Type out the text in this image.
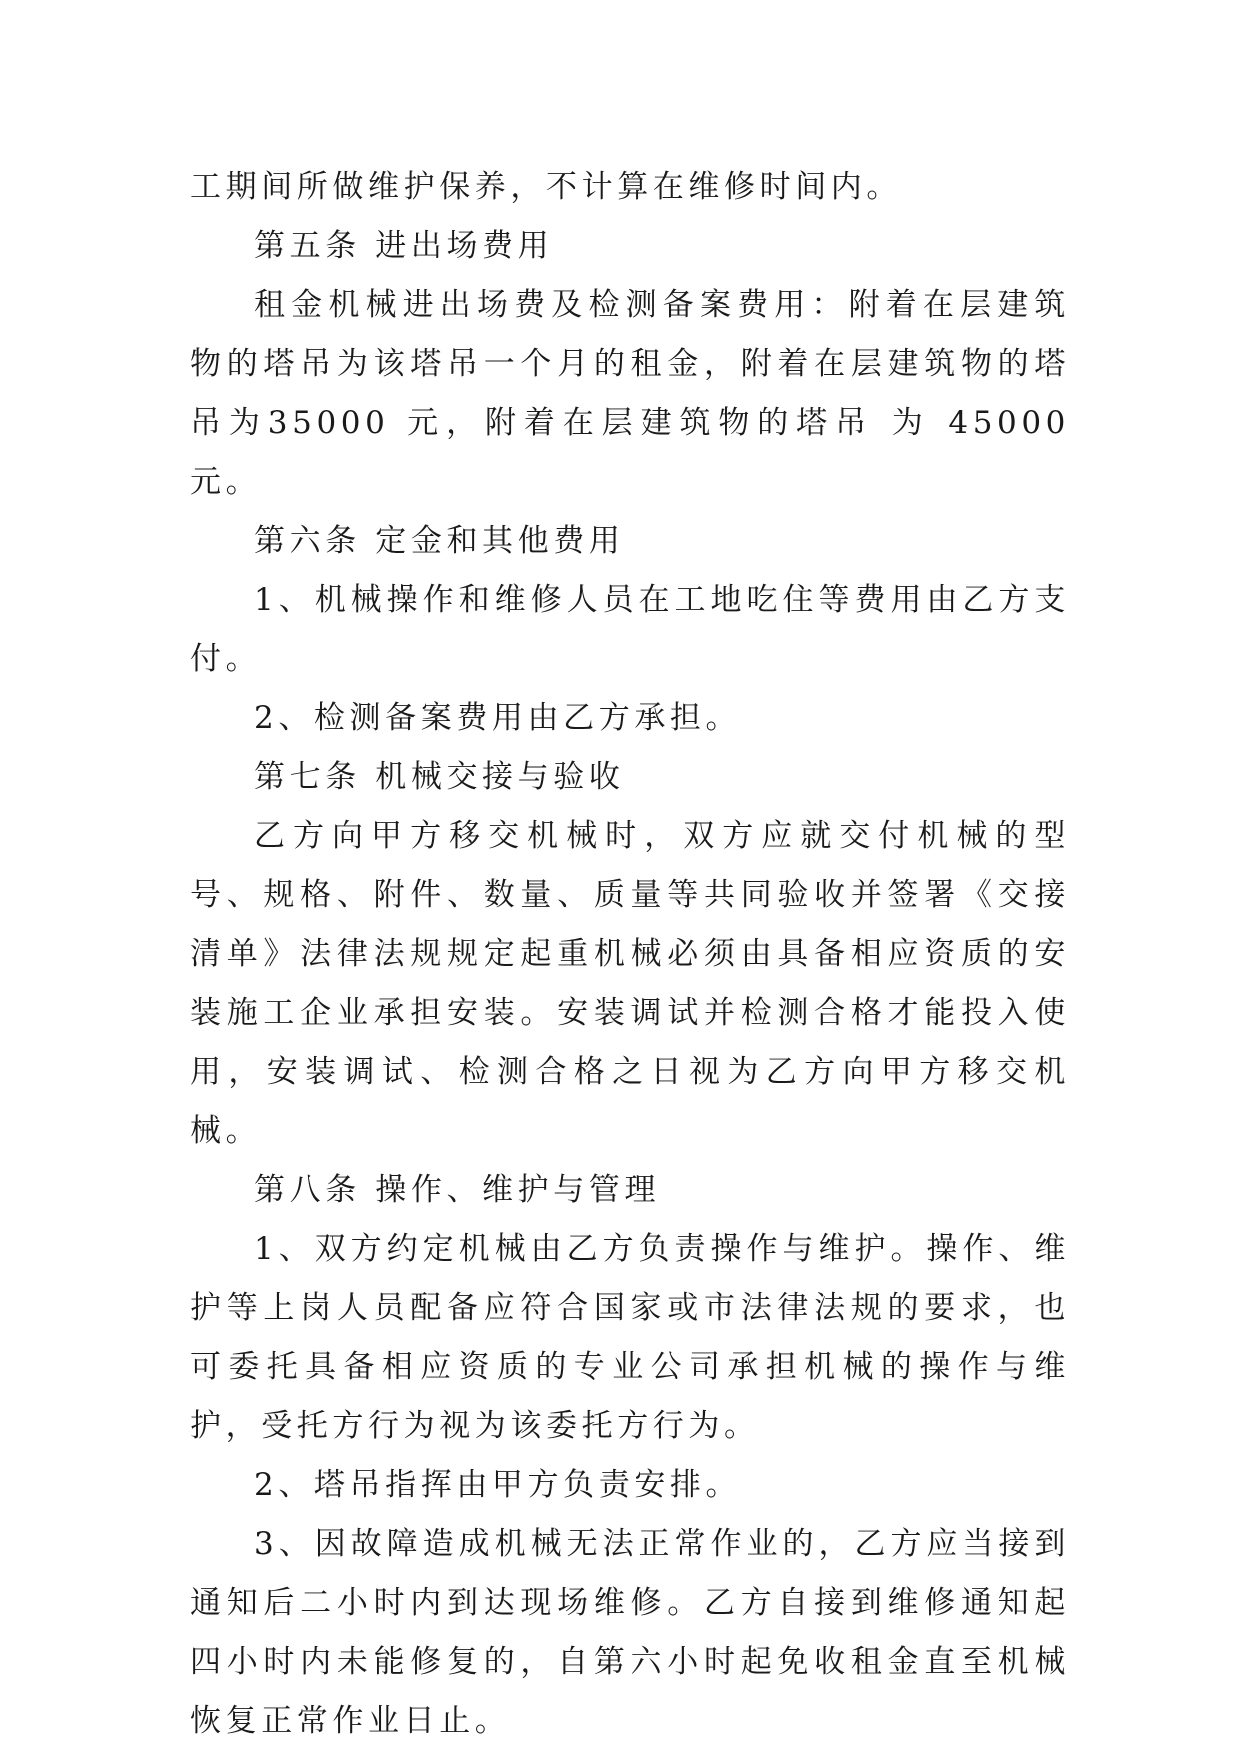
工期间所做维护保养，不计算在维修时间内。

第五条 进出场费用

租金机械进出场费及检测备案费用：附着在层建筑物的塔吊为该塔吊一个月的租金，附着在层建筑物的塔吊为35000 元，附着在层建筑物的塔吊 为 45000 元。

第六条 定金和其他费用

1、机械操作和维修人员在工地吃住等费用由乙方支付。

2、检测备案费用由乙方承担。

第七条 机械交接与验收

乙方向甲方移交机械时，双方应就交付机械的型号、规格、附件、数量、质量等共同验收并签署《交接清单》法律法规规定起重机械必须由具备相应资质的安装施工企业承担安装。安装调试并检测合格才能投入使用，安装调试、检测合格之日视为乙方向甲方移交机械。

第八条 操作、维护与管理

1、双方约定机械由乙方负责操作与维护。操作、维护等上岗人员配备应符合国家或市法律法规的要求，也可委托具备相应资质的专业公司承担机械的操作与维护，受托方行为视为该委托方行为。

2、塔吊指挥由甲方负责安排。

3、因故障造成机械无法正常作业的，乙方应当接到通知后二小时内到达现场维修。乙方自接到维修通知起四小时内未能修复的，自第六小时起免收租金直至机械恢复正常作业日止。
